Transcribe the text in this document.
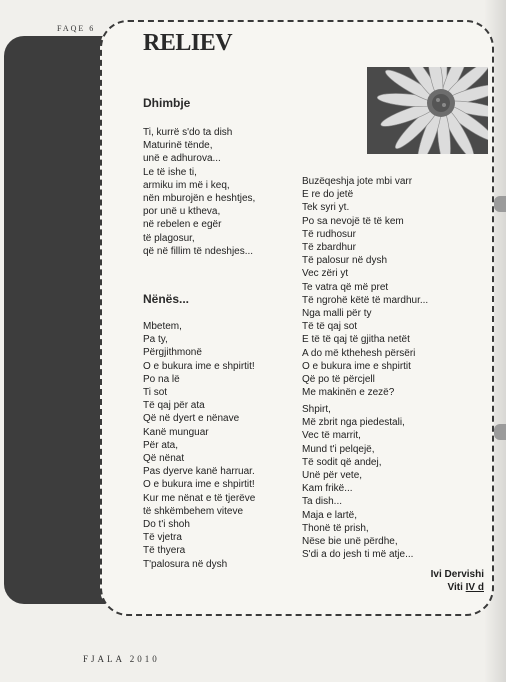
FAQE 6
RELIEV
Dhimbje
Ti, kurrë s'do ta dish
Maturinë tënde,
unë e adhurova...
Le të ishe ti,
armiku im më i keq,
nën mburojën e heshtjes,
por unë u ktheva,
në rebelen e egër
të plagosur,
që në fillim të ndeshjes...
Nënës...
Mbetem,
Pa ty,
Përgjithmonë
O e bukura ime e shpirtit!
Po na lë
Ti sot
Të qaj për ata
Që në dyert e nënave
Kanë munguar
Për ata,
Që nënat
Pas dyerve kanë harruar.
O e bukura ime e shpirtit!
Kur me nënat e të tjerëve
të shkëmbehem viteve
Do t'i shoh
Të vjetra
Të thyera
T'palosura në dysh
Buzëqeshja jote mbi varr
E re do jetë
Tek syri yt.
Po sa nevojë të të kem
Të rudhosur
Të zbardhur
Të palosur në dysh
Vec zëri yt
Te vatra që më pret
Të ngrohë këtë të mardhur...
Nga malli për ty
Të të qaj sot
E të të qaj të gjitha netët
A do më kthehesh përsëri
O e bukura ime e shpirtit
Që po të përcjell
Me makinën e zezë?
Shpirt,
Më zbrit nga piedestali,
Vec të marrit,
Mund t'i pelqejë,
Të sodit që andej,
Unë për vete,
Kam frikë...
Ta dish...
Maja e lartë,
Thonë të prish,
Nëse bie unë përdhe,
S'di a do jesh ti më atje...
Ivi Dervishi
Viti IV d
FJALA 2010
